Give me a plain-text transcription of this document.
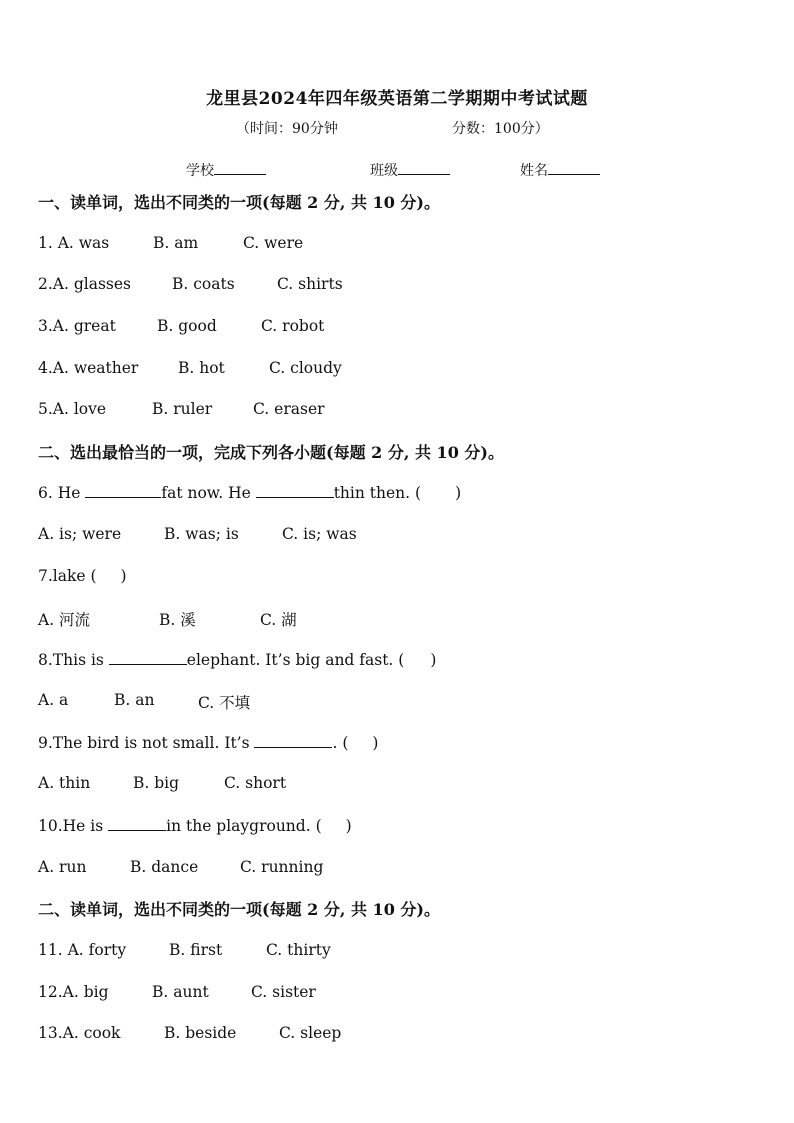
龙里县2024年四年级英语第二学期期中考试试题
（时间：90分钟	分数：100分）
学校	班级	姓名
一、读单词，选出不同类的一项(每题 2 分, 共 10 分)。
1. A. was	B. am	C. were
2.A. glasses	B. coats	C. shirts
3.A. great	B. good	C. robot
4.A. weather	B. hot	C. cloudy
5.A. love	B. ruler	C. eraser
二、选出最恰当的一项，完成下列各小题(每题 2 分, 共 10 分)。
6. He	fat now. He	thin then. ( )
A. is; were	B. was; is	C. is; was
7.lake ( )
A. 河流	B. 溪	C. 湖
8.This is	elephant. It’s big and fast. ( )
A. a	B. an	C. 不填
9.The bird is not small. It’s	. ( )
A. thin	B. big	C. short
10.He is	in the playground. ( )
A. run	B. dance	C. running
二、读单词，选出不同类的一项(每题 2 分, 共 10 分)。
11. A. forty	B. first	C. thirty
12.A. big	B. aunt	C. sister
13.A. cook	B. beside	C. sleep
